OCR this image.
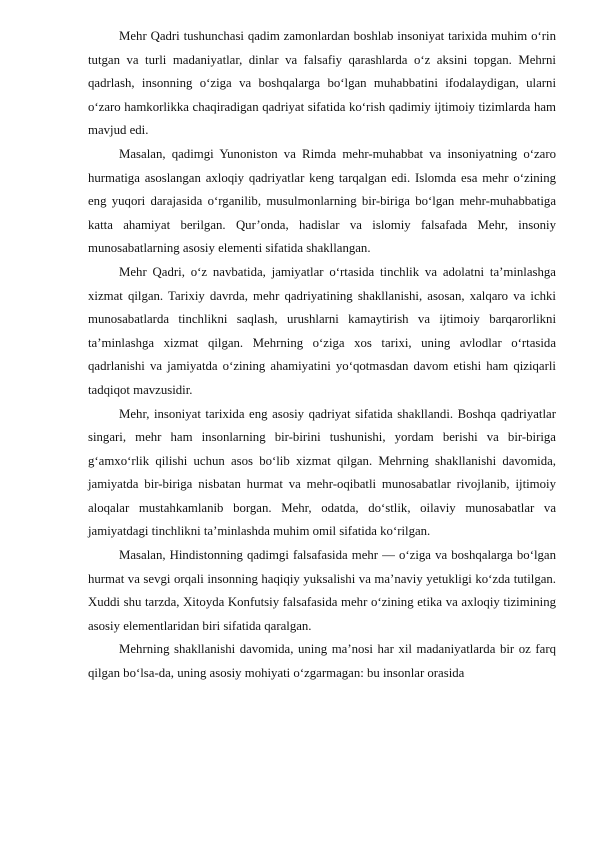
Mehr Qadri tushunchasi qadim zamonlardan boshlab insoniyat tarixida muhim o‘rin tutgan va turli madaniyatlar, dinlar va falsafiy qarashlarda o‘z aksini topgan. Mehrni qadrlash, insonning o‘ziga va boshqalarga bo‘lgan muhabbatini ifodalaydigan, ularni o‘zaro hamkorlikka chaqiradigan qadriyat sifatida ko‘rish qadimiy ijtimoiy tizimlarda ham mavjud edi.

Masalan, qadimgi Yunoniston va Rimda mehr-muhabbat va insoniyatning o‘zaro hurmatiga asoslangan axloqiy qadriyatlar keng tarqalgan edi. Islomda esa mehr o‘zining eng yuqori darajasida o‘rganilib, musulmonlarning bir-biriga bo‘lgan mehr-muhabbatiga katta ahamiyat berilgan. Qur’onda, hadislar va islomiy falsafada Mehr, insoniy munosabatlarning asosiy elementi sifatida shakllangan.

Mehr Qadri, o‘z navbatida, jamiyatlar o‘rtasida tinchlik va adolatni ta’minlashga xizmat qilgan. Tarixiy davrda, mehr qadriyatining shakllanishi, asosan, xalqaro va ichki munosabatlarda tinchlikni saqlash, urushlarni kamaytirish va ijtimoiy barqarorlikni ta’minlashga xizmat qilgan. Mehrning o‘ziga xos tarixi, uning avlodlar o‘rtasida qadrlanishi va jamiyatda o‘zining ahamiyatini yo‘qotmasdan davom etishi ham qiziqarli tadqiqot mavzusidir.

Mehr, insoniyat tarixida eng asosiy qadriyat sifatida shakllandi. Boshqa qadriyatlar singari, mehr ham insonlarning bir-birini tushunishi, yordam berishi va bir-biriga g‘amxo‘rlik qilishi uchun asos bo‘lib xizmat qilgan. Mehrning shakllanishi davomida, jamiyatda bir-biriga nisbatan hurmat va mehr-oqibatli munosabatlar rivojlanib, ijtimoiy aloqalar mustahkamlanib borgan. Mehr, odatda, do‘stlik, oilaviy munosabatlar va jamiyatdagi tinchlikni ta’minlashda muhim omil sifatida ko‘rilgan.

Masalan, Hindistonning qadimgi falsafasida mehr — o‘ziga va boshqalarga bo‘lgan hurmat va sevgi orqali insonning haqiqiy yuksalishi va ma’naviy yetukligi ko‘zda tutilgan. Xuddi shu tarzda, Xitoyda Konfutsiy falsafasida mehr o‘zining etika va axloqiy tizimining asosiy elementlaridan biri sifatida qaralgan.

Mehrning shakllanishi davomida, uning ma’nosi har xil madaniyatlarda bir oz farq qilgan bo‘lsa-da, uning asosiy mohiyati o‘zgarmagan: bu insonlar orasida
